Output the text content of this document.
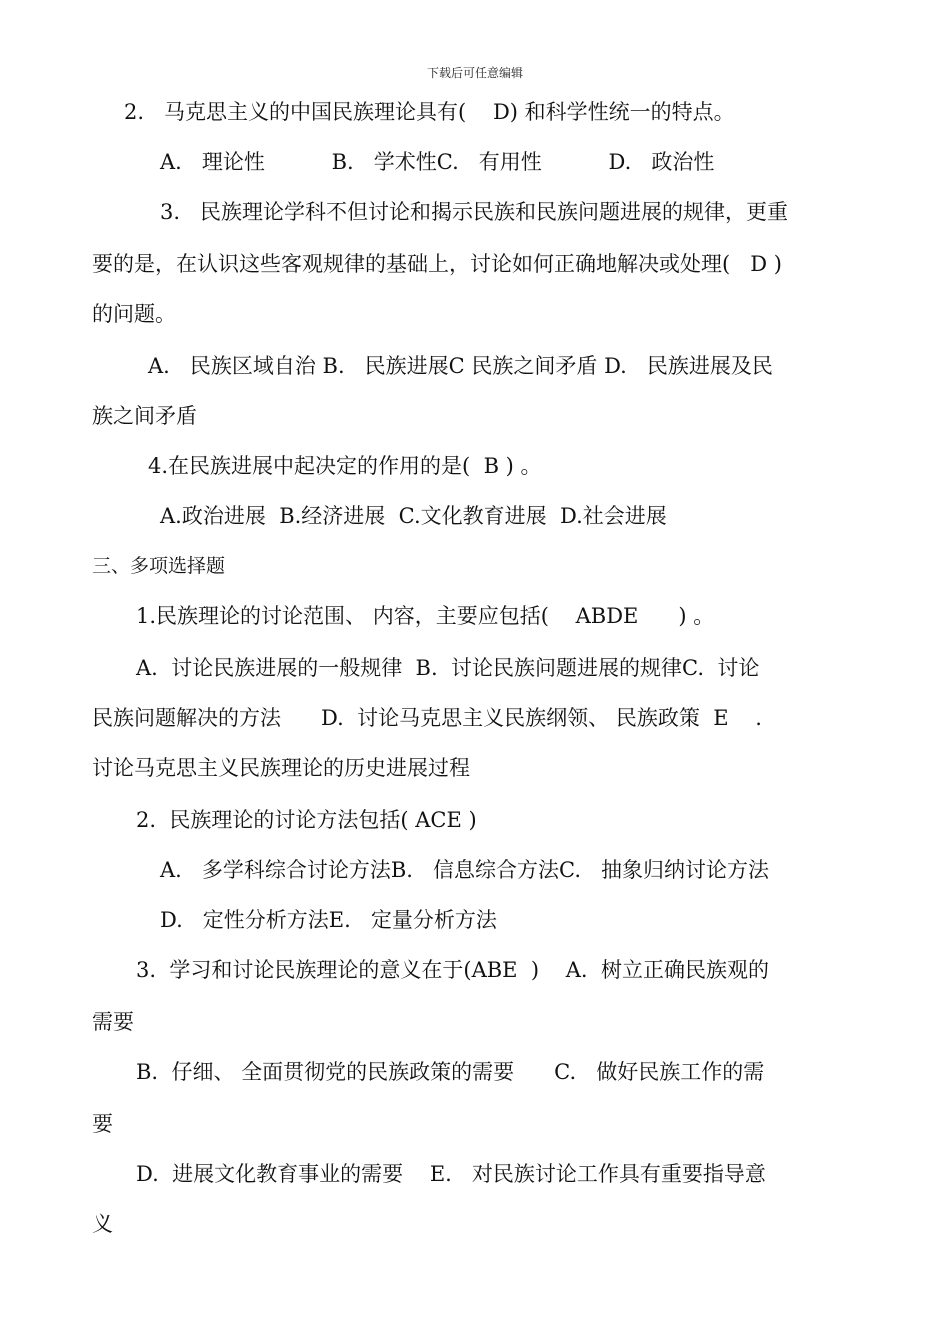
下载后可任意编辑
2.   马克思主义的中国民族理论具有(    D) 和科学性统一的特点。
A.   理论性          B.   学术性C.   有用性          D.   政治性
3.   民族理论学科不但讨论和揭示民族和民族问题进展的规律，更重
要的是，在认识这些客观规律的基础上，讨论如何正确地解决或处理(   D )
的问题。
A.   民族区域自治 B.   民族进展C 民族之间矛盾 D.   民族进展及民
族之间矛盾
4.在民族进展中起决定的作用的是(  B ) 。
A.政治进展  B.经济进展  C.文化教育进展  D.社会进展
三、多项选择题
1.民族理论的讨论范围、 内容，主要应包括(    ABDE      ) 。
A.  讨论民族进展的一般规律  B.  讨论民族问题进展的规律C.  讨论
民族问题解决的方法      D.  讨论马克思主义民族纲领、 民族政策  E    .
讨论马克思主义民族理论的历史进展过程
2.  民族理论的讨论方法包括( ACE )
A.   多学科综合讨论方法B.   信息综合方法C.   抽象归纳讨论方法
D.   定性分析方法E.   定量分析方法
3.  学习和讨论民族理论的意义在于(ABE  )    A.  树立正确民族观的
需要
B.  仔细、 全面贯彻党的民族政策的需要      C.   做好民族工作的需
要
D.  进展文化教育事业的需要    E.   对民族讨论工作具有重要指导意
义
